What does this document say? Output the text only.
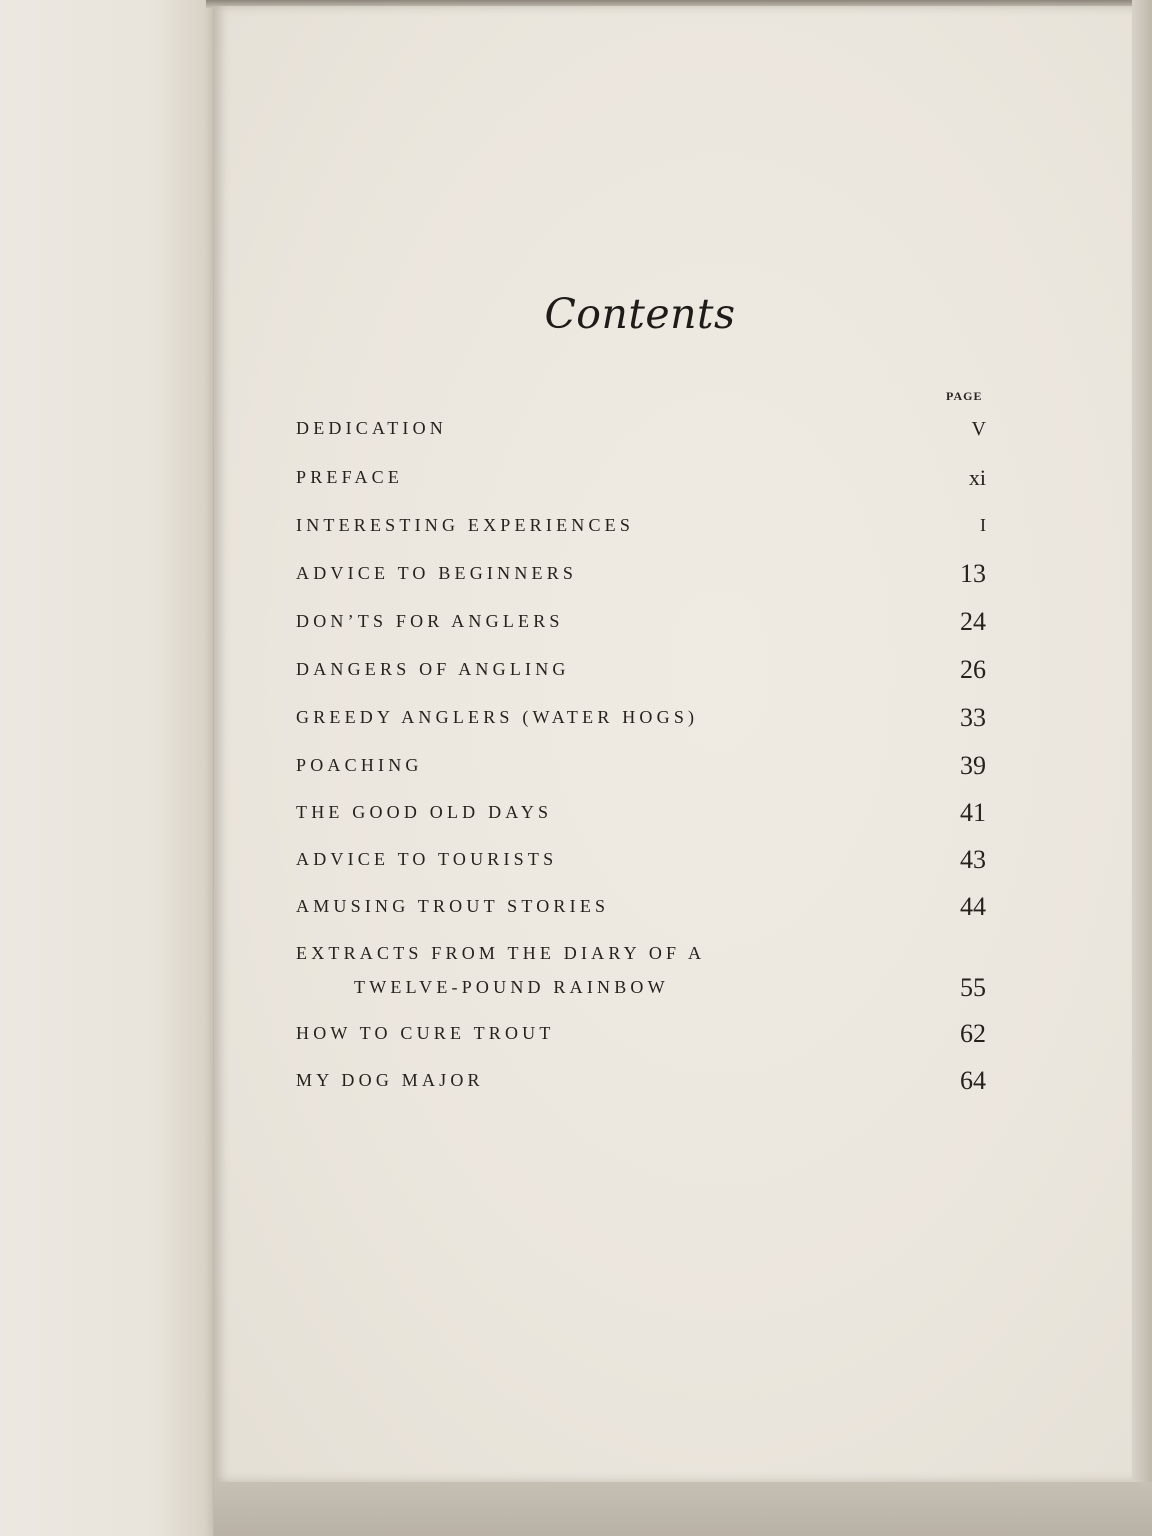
Contents
PAGE
DEDICATION	V
PREFACE	xi
INTERESTING EXPERIENCES	I
ADVICE TO BEGINNERS	13
DON’TS FOR ANGLERS	24
DANGERS OF ANGLING	26
GREEDY ANGLERS (WATER HOGS)	33
POACHING	39
THE GOOD OLD DAYS	41
ADVICE TO TOURISTS	43
AMUSING TROUT STORIES	44
EXTRACTS FROM THE DIARY OF A
TWELVE-POUND RAINBOW	55
HOW TO CURE TROUT	62
MY DOG MAJOR	64
